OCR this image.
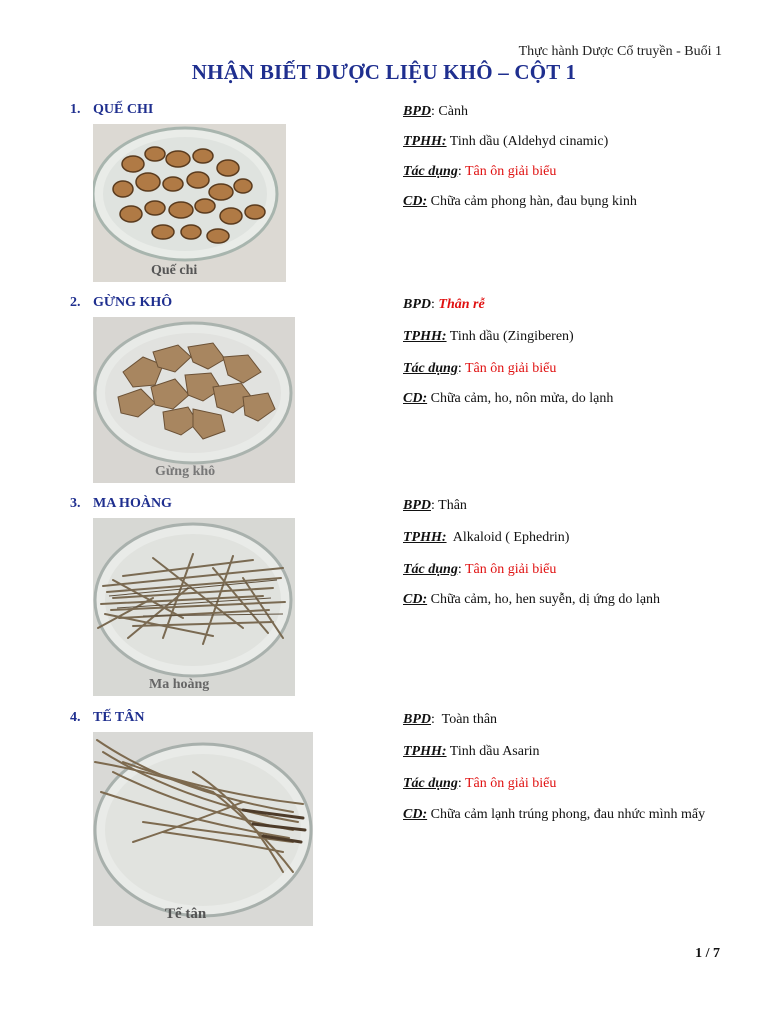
Thực hành Dược Cổ truyền - Buổi 1
NHẬN BIẾT DƯỢC LIỆU KHÔ – CỘT 1
1. QUẾ CHI
Quế chi

BPD: Cành

TPHH: Tinh dầu (Aldehyd cinamic)

Tác dụng: Tân ôn giải biểu

CD: Chữa cảm phong hàn, đau bụng kinh

2. GỪNG KHÔ
Gừng khô

BPD: Thân rễ

TPHH: Tinh dầu (Zingiberen)

Tác dụng: Tân ôn giải biểu

CD: Chữa cảm, ho, nôn mửa, do lạnh

3. MA HOÀNG
Ma hoàng

BPD: Thân

TPHH: Alkaloid ( Ephedrin)

Tác dụng: Tân ôn giải biểu

CD: Chữa cảm, ho, hen suyễn, dị ứng do lạnh

4. TẾ TÂN
Tế tân

BPD:  Toàn thân

TPHH: Tinh dầu Asarin

Tác dụng: Tân ôn giải biểu

CD: Chữa cảm lạnh trúng phong, đau nhức mình mẩy

1 / 7
